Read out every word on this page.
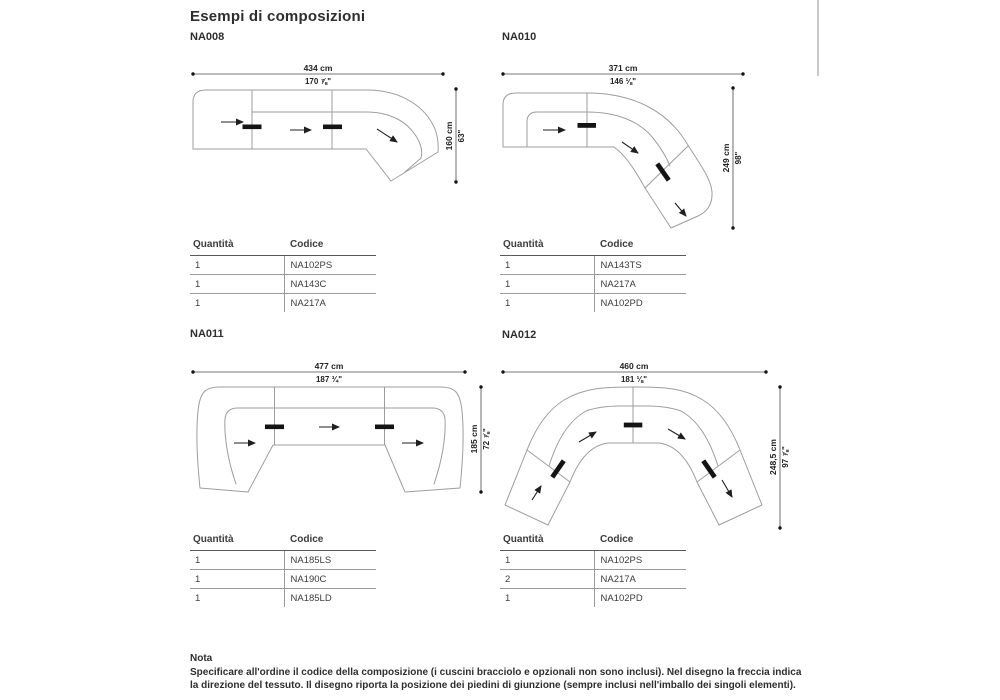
Esempi di composizioni
NA008	NA010
NA011	NA012
434 cm
170 ⅞"
160 cm 63"
371 cm
146 ⅛"
249 cm 98"
477 cm
187 ¾"
185 cm 72 ⅞"
460 cm
181 ⅛"
248,5 cm 97 ⅞"
Quantità	Codice
1	NA102PS
1	NA143C
1	NA217A
Quantità	Codice
1	NA143TS
1	NA217A
1	NA102PD
Quantità	Codice
1	NA185LS
1	NA190C
1	NA185LD
Quantità	Codice
1	NA102PS
2	NA217A
1	NA102PD
Nota
Specificare all'ordine il codice della composizione (i cuscini bracciolo e opzionali non sono inclusi). Nel disegno la freccia indica
la direzione del tessuto. Il disegno riporta la posizione dei piedini di giunzione (sempre inclusi nell'imballo dei singoli elementi).
